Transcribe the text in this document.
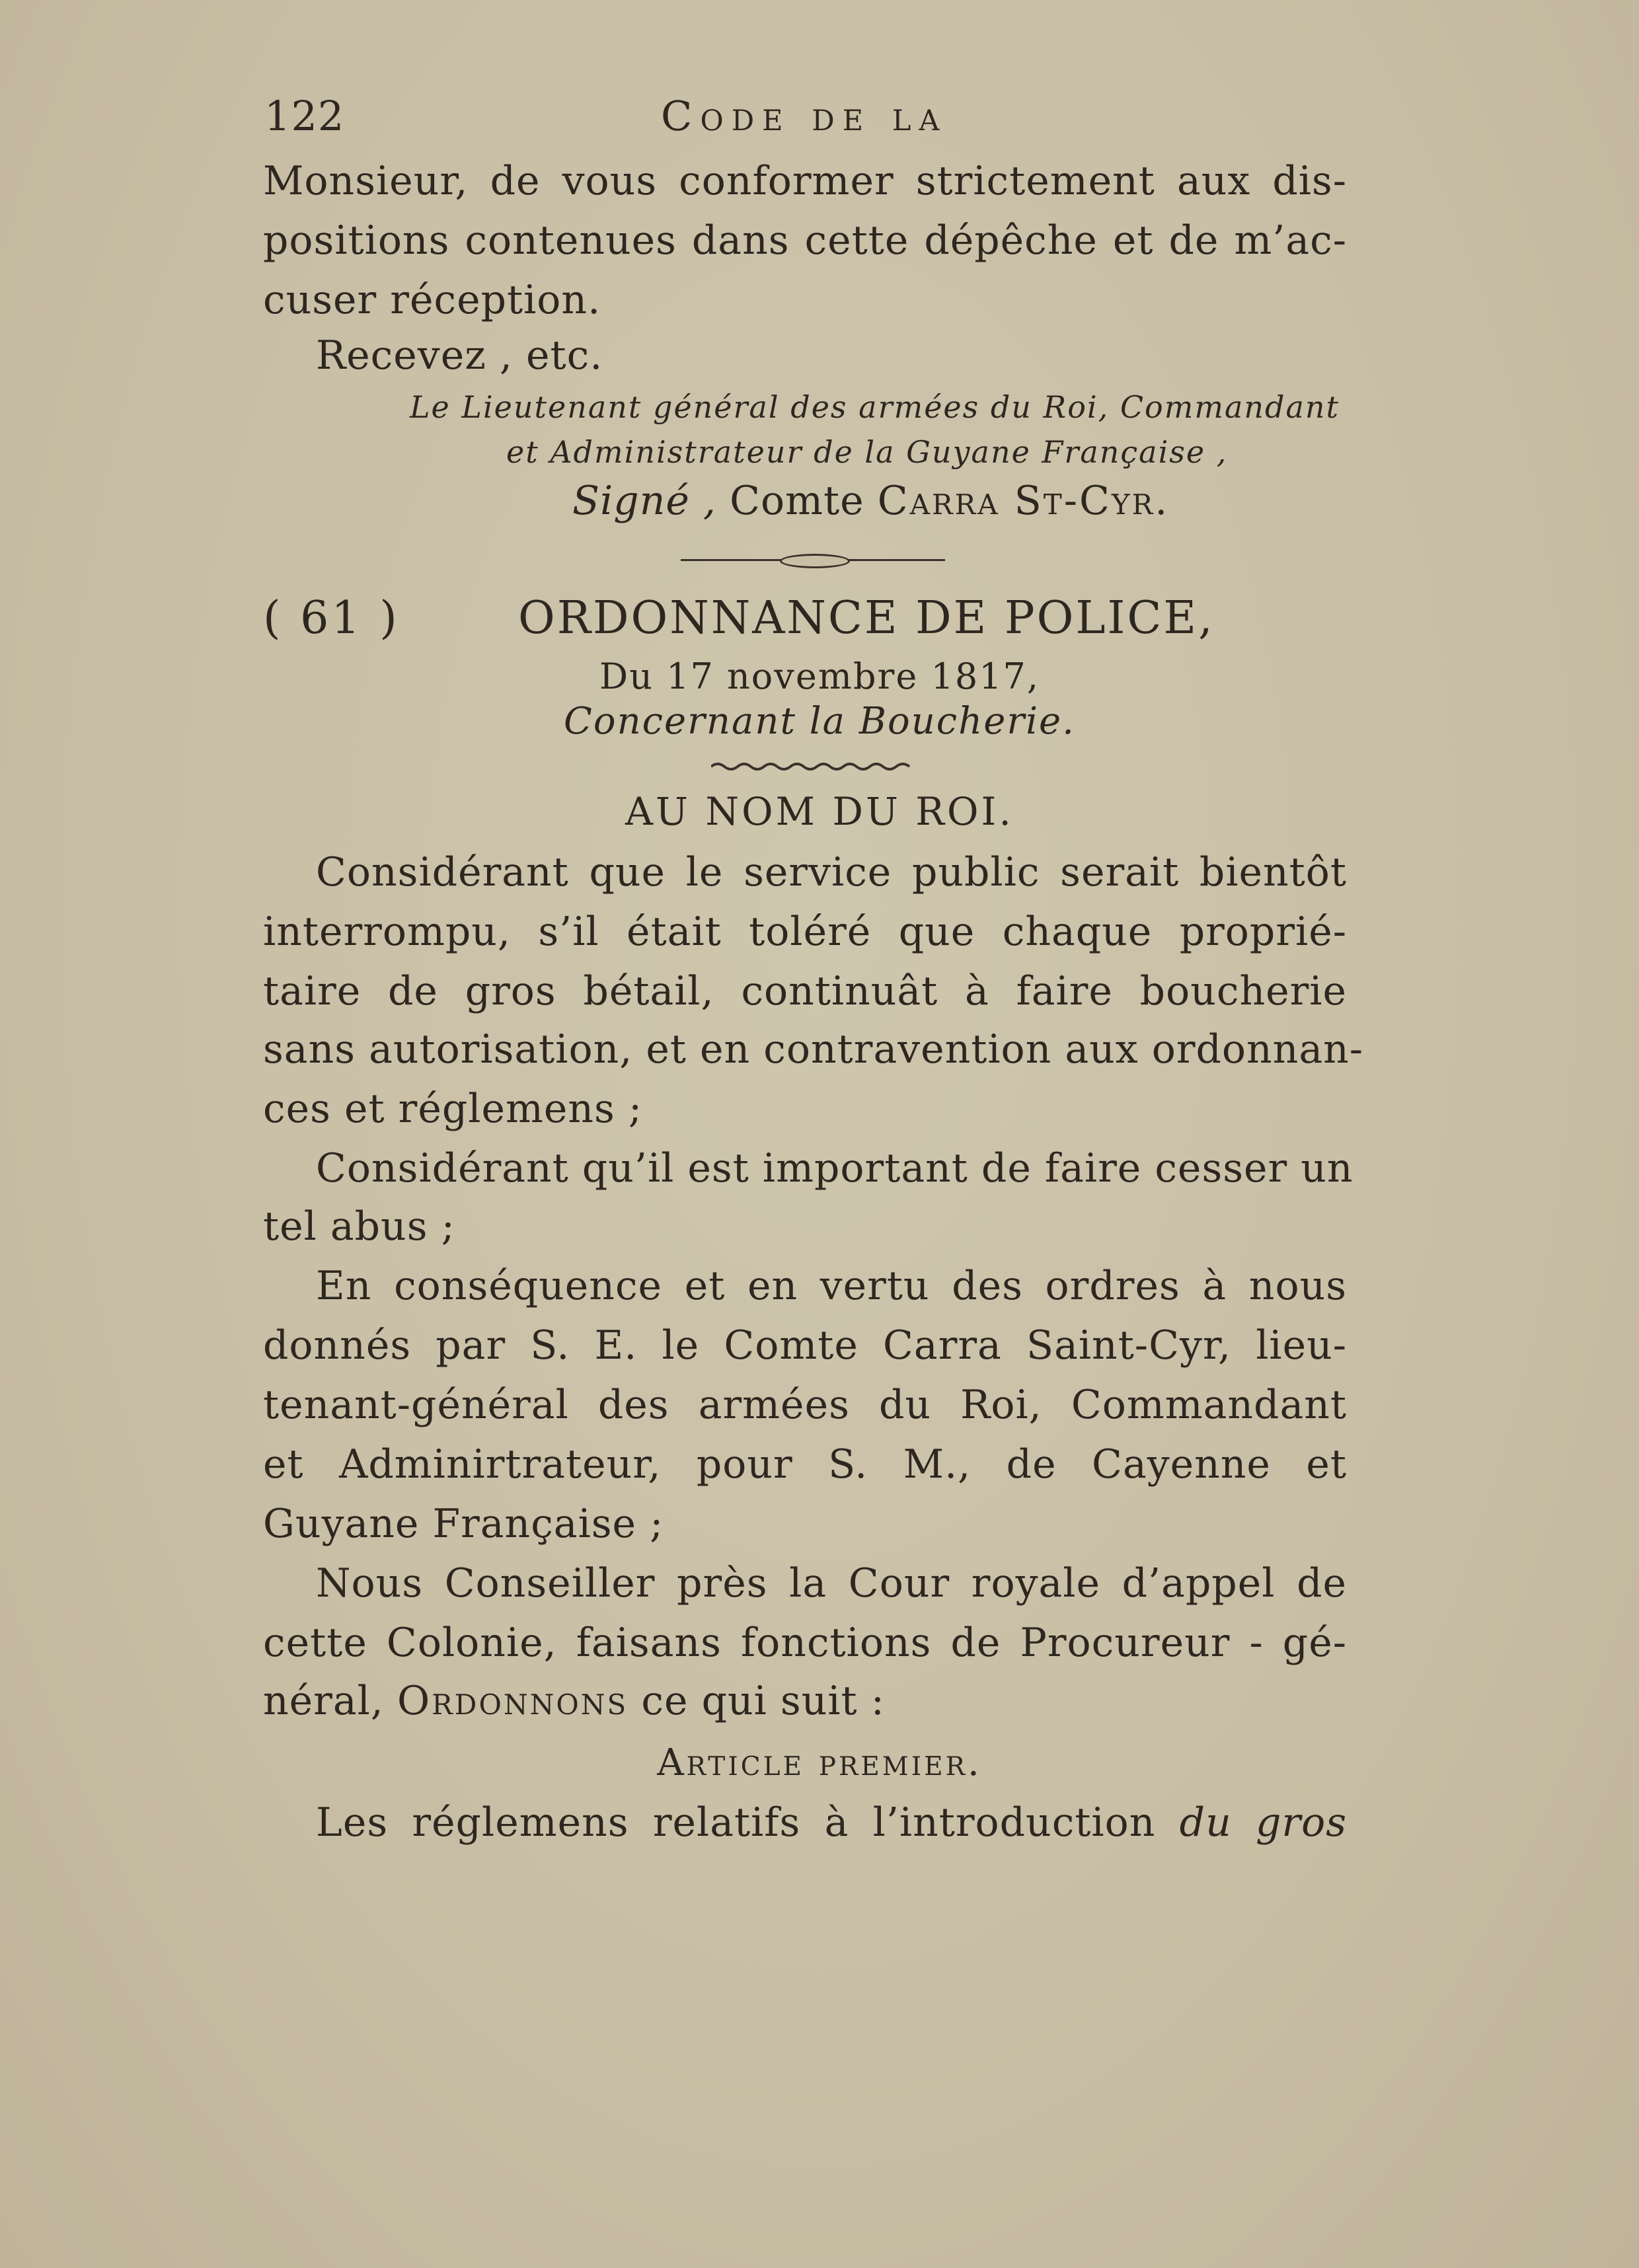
122	Code de la
Monsieur, de vous conformer strictement aux dis-
positions contenues dans cette dépêche et de m’ac-
cuser réception.
Recevez , etc.
Le Lieutenant général des armées du Roi, Commandant
et Administrateur de la Guyane Française ,
Signé , Comte Carra St-Cyr.
( 61 )	ORDONNANCE DE POLICE,
Du 17 novembre 1817,
Concernant la Boucherie.
AU NOM DU ROI.
Considérant que le service public serait bientôt
interrompu, s’il était toléré que chaque proprié-
taire de gros bétail, continuât à faire boucherie
sans autorisation, et en contravention aux ordonnan-
ces et réglemens ;
Considérant qu’il est important de faire cesser un
tel abus ;
En conséquence et en vertu des ordres à nous
donnés par S. E. le Comte Carra Saint-Cyr, lieu-
tenant-général des armées du Roi, Commandant
et Adminirtrateur, pour S. M., de Cayenne et
Guyane Française ;
Nous Conseiller près la Cour royale d’appel de
cette Colonie, faisans fonctions de Procureur - gé-
néral, Ordonnons ce qui suit :
Article premier.
Les réglemens relatifs à l’introduction du gros
